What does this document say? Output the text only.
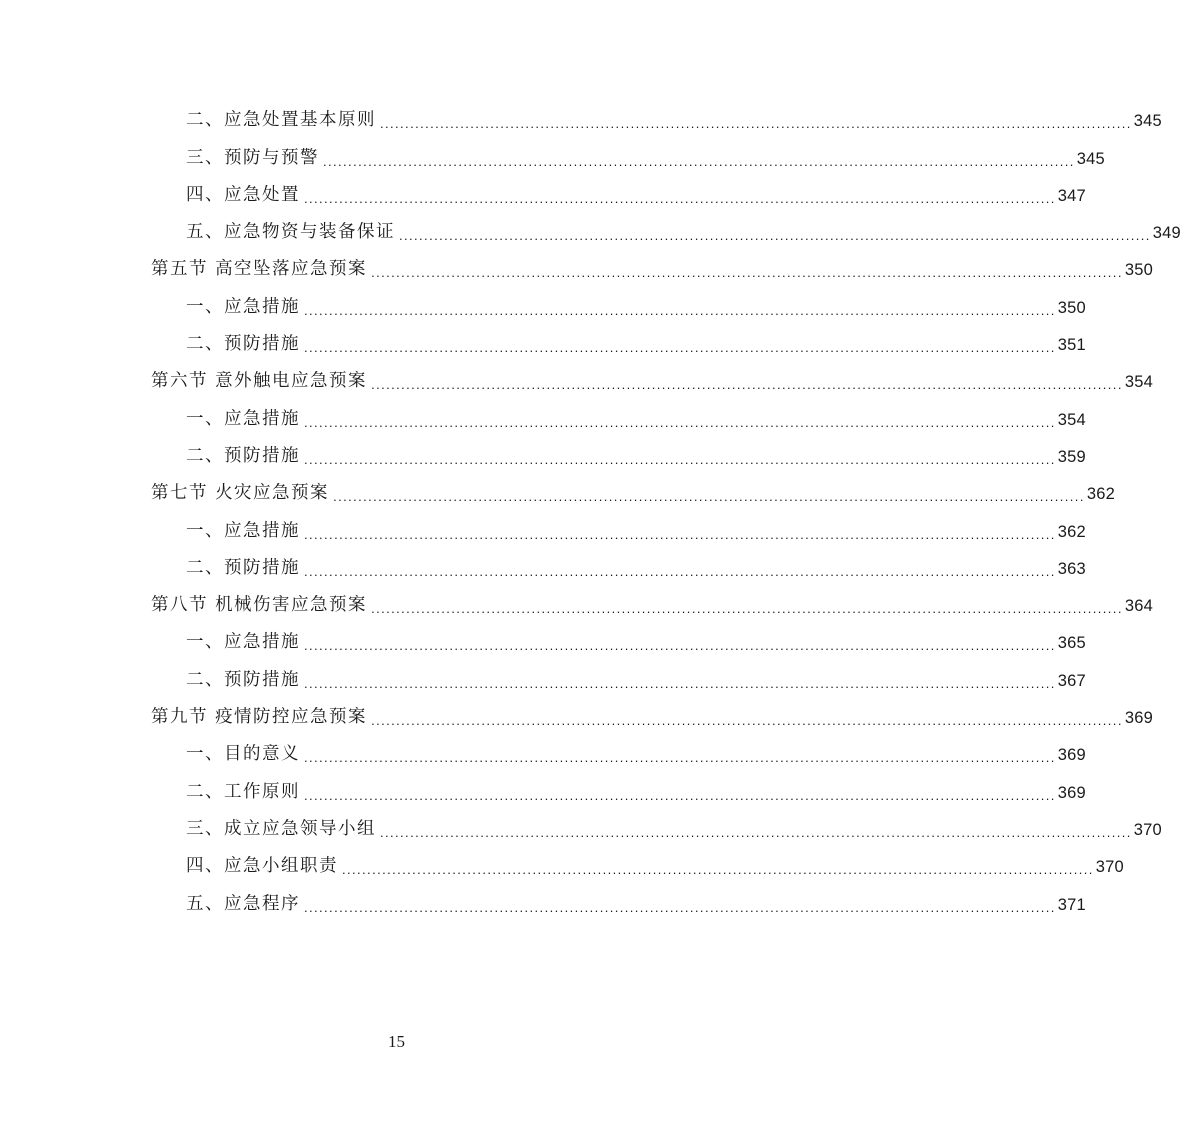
二、应急处置基本原则 ...................................................................................................................................................... 345
三、预防与预警 ...................................................................................................................................................... 345
四、应急处置 ...................................................................................................................................................... 347
五、应急物资与装备保证 ...................................................................................................................................................... 349
第五节 高空坠落应急预案 ...................................................................................................................................................... 350
一、应急措施 ...................................................................................................................................................... 350
二、预防措施 ...................................................................................................................................................... 351
第六节 意外触电应急预案 ...................................................................................................................................................... 354
一、应急措施 ...................................................................................................................................................... 354
二、预防措施 ...................................................................................................................................................... 359
第七节 火灾应急预案 ...................................................................................................................................................... 362
一、应急措施 ...................................................................................................................................................... 362
二、预防措施 ...................................................................................................................................................... 363
第八节 机械伤害应急预案 ...................................................................................................................................................... 364
一、应急措施 ...................................................................................................................................................... 365
二、预防措施 ...................................................................................................................................................... 367
第九节 疫情防控应急预案 ...................................................................................................................................................... 369
一、目的意义 ...................................................................................................................................................... 369
二、工作原则 ...................................................................................................................................................... 369
三、成立应急领导小组 ...................................................................................................................................................... 370
四、应急小组职责 ...................................................................................................................................................... 370
五、应急程序 ...................................................................................................................................................... 371
15
